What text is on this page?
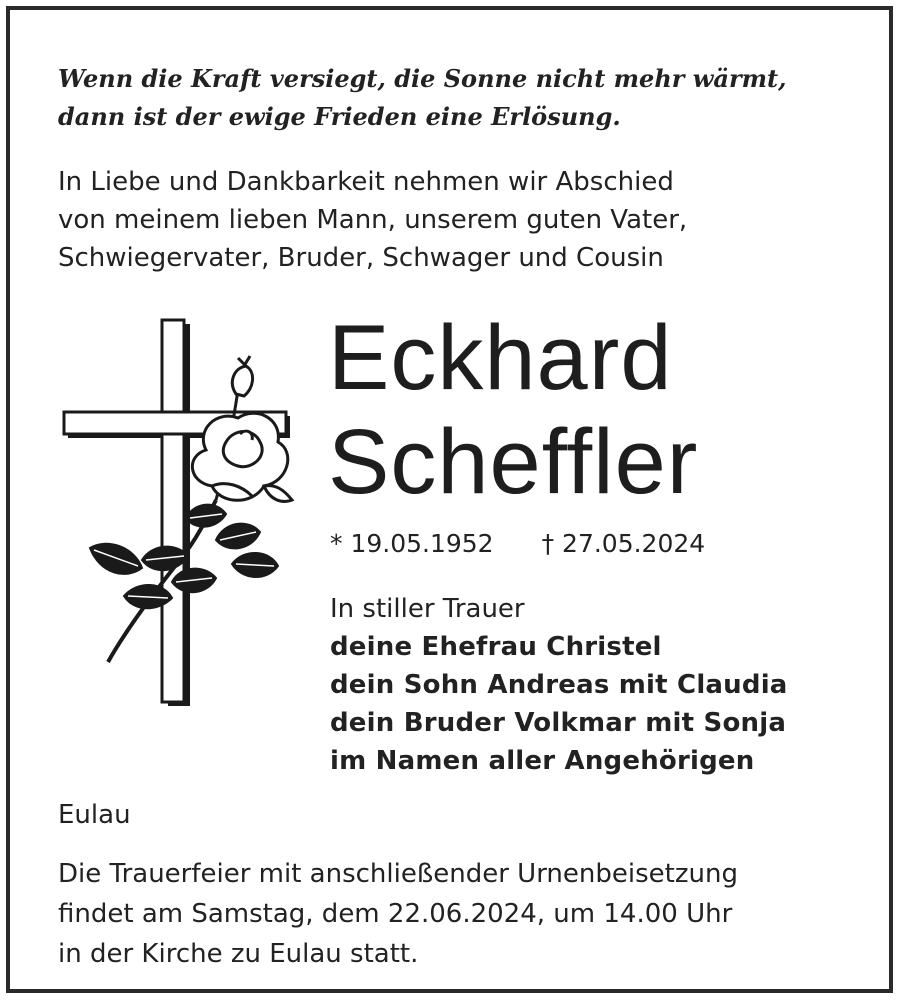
Wenn die Kraft versiegt, die Sonne nicht mehr wärmt,
dann ist der ewige Frieden eine Erlösung.
In Liebe und Dankbarkeit nehmen wir Abschied
von meinem lieben Mann, unserem guten Vater,
Schwiegervater, Bruder, Schwager und Cousin
Eckhard
Scheffler
* 19.05.1952 † 27.05.2024
In stiller Trauer
deine Ehefrau Christel
dein Sohn Andreas mit Claudia
dein Bruder Volkmar mit Sonja
im Namen aller Angehörigen
Eulau
Die Trauerfeier mit anschließender Urnenbeisetzung
findet am Samstag, dem 22.06.2024, um 14.00 Uhr
in der Kirche zu Eulau statt.
